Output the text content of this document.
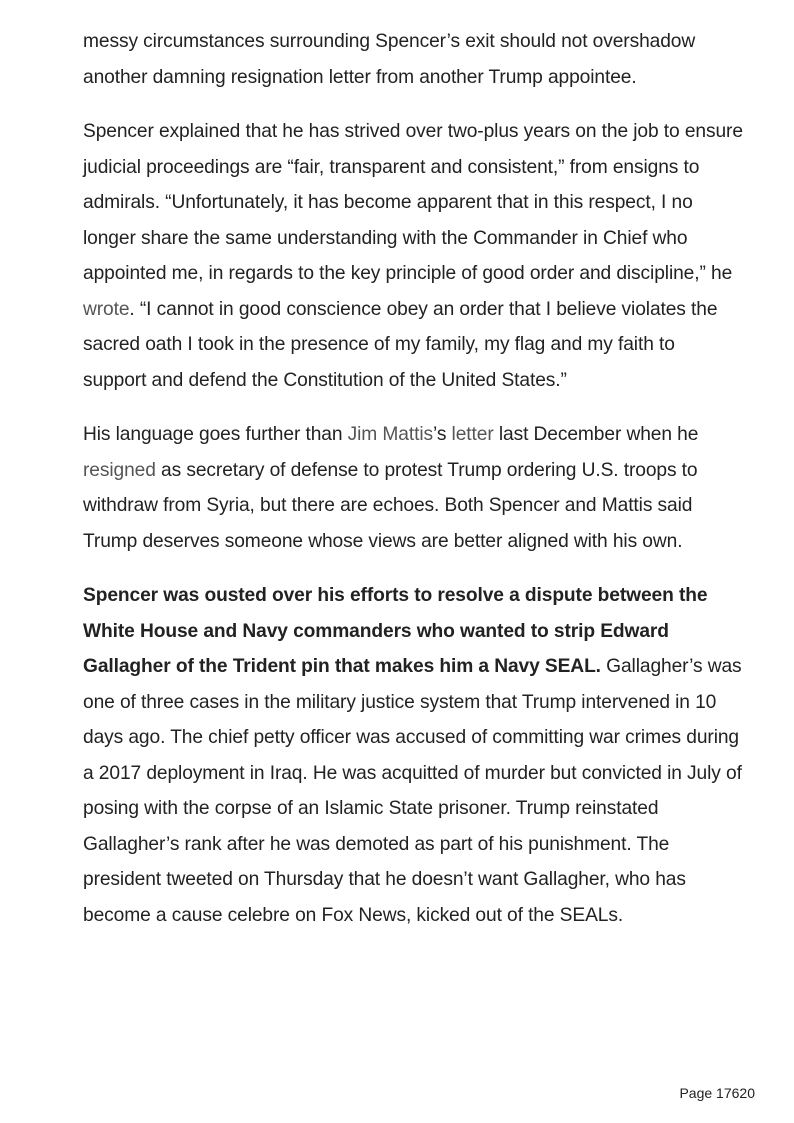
messy circumstances surrounding Spencer’s exit should not overshadow another damning resignation letter from another Trump appointee.

Spencer explained that he has strived over two-plus years on the job to ensure judicial proceedings are “fair, transparent and consistent,” from ensigns to admirals. “Unfortunately, it has become apparent that in this respect, I no longer share the same understanding with the Commander in Chief who appointed me, in regards to the key principle of good order and discipline,” he wrote. “I cannot in good conscience obey an order that I believe violates the sacred oath I took in the presence of my family, my flag and my faith to support and defend the Constitution of the United States.”

His language goes further than Jim Mattis’s letter last December when he resigned as secretary of defense to protest Trump ordering U.S. troops to withdraw from Syria, but there are echoes. Both Spencer and Mattis said Trump deserves someone whose views are better aligned with his own.

Spencer was ousted over his efforts to resolve a dispute between the White House and Navy commanders who wanted to strip Edward Gallagher of the Trident pin that makes him a Navy SEAL. Gallagher’s was one of three cases in the military justice system that Trump intervened in 10 days ago. The chief petty officer was accused of committing war crimes during a 2017 deployment in Iraq. He was acquitted of murder but convicted in July of posing with the corpse of an Islamic State prisoner. Trump reinstated Gallagher’s rank after he was demoted as part of his punishment. The president tweeted on Thursday that he doesn’t want Gallagher, who has become a cause celebre on Fox News, kicked out of the SEALs.

Page 17620
